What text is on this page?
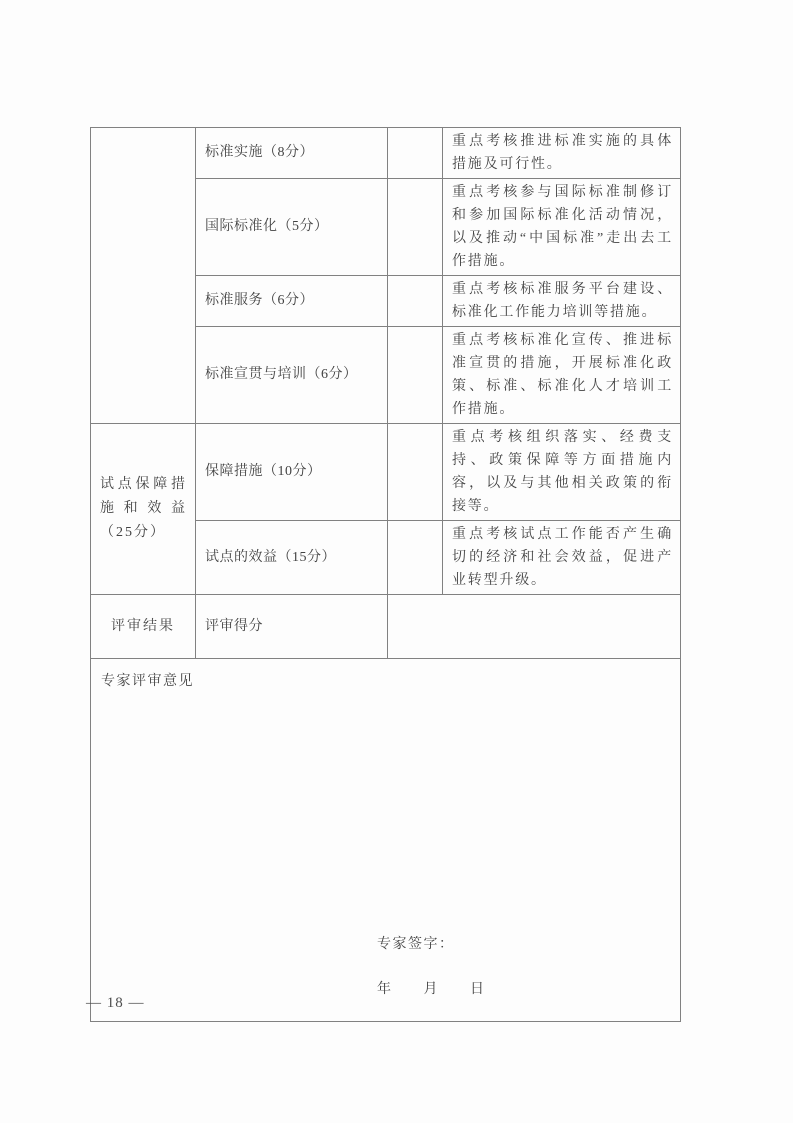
	标准实施（8分）		重点考核推进标准实施的具体措施及可行性。
	国际标准化（5分）		重点考核参与国际标准制修订和参加国际标准化活动情况，以及推动“中国标准”走出去工作措施。
	标准服务（6分）		重点考核标准服务平台建设、标准化工作能力培训等措施。
	标准宣贯与培训（6分）		重点考核标准化宣传、推进标准宣贯的措施，开展标准化政策、标准、标准化人才培训工作措施。
试点保障措施和效益（25分）	保障措施（10分）		重点考核组织落实、经费支持、政策保障等方面措施内容，以及与其他相关政策的衔接等。
	试点的效益（15分）		重点考核试点工作能否产生确切的经济和社会效益，促进产业转型升级。
评审结果	评审得分		

专家评审意见
专家签字：
年　　月　　日			
— 18 —
